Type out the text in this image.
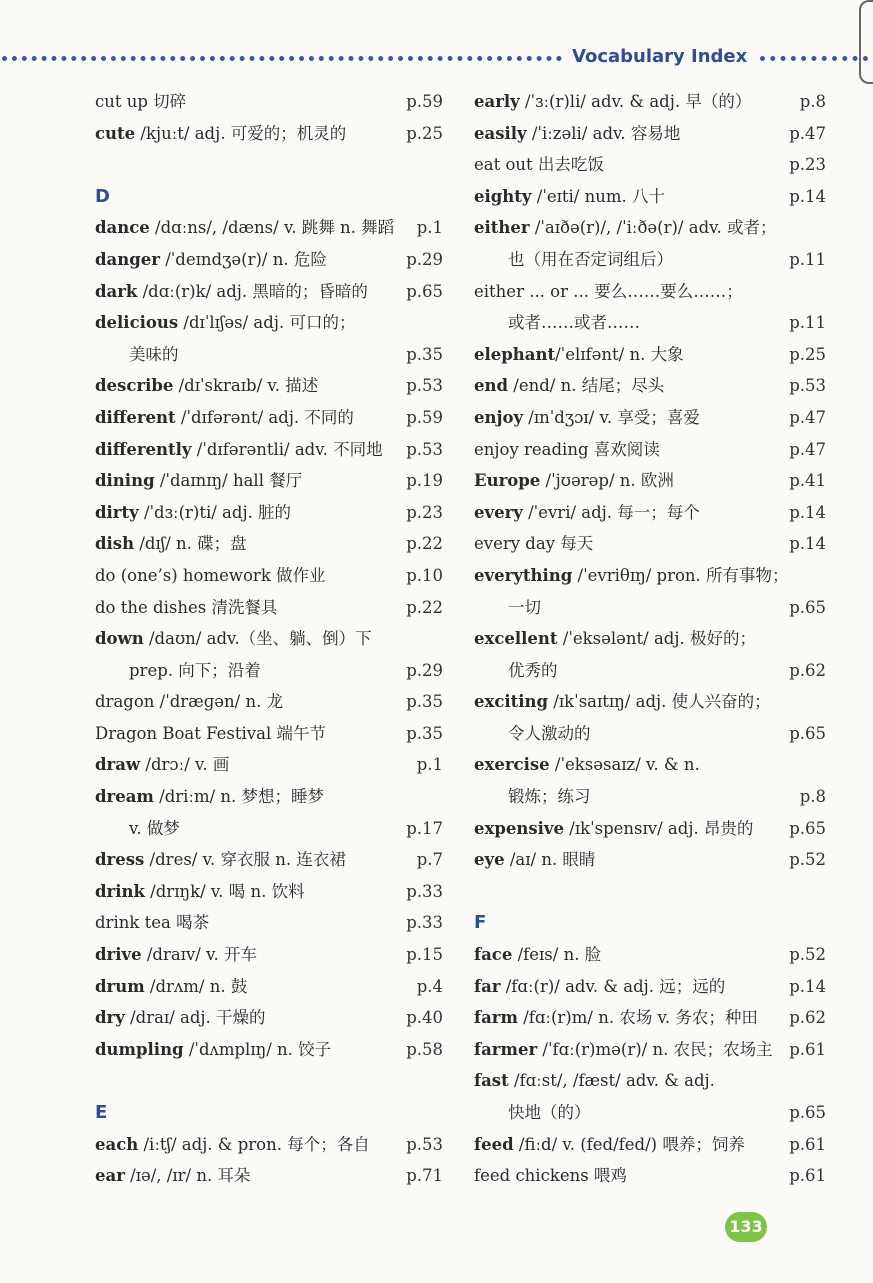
Vocabulary Index
cut up 切碎	p.59
cute /kjuːt/ adj. 可爱的；机灵的	p.25
D
dance /dɑːns/, /dæns/ v. 跳舞 n. 舞蹈 p.1
danger /ˈdeɪndʒə(r)/ n. 危险	p.29
dark /dɑː(r)k/ adj. 黑暗的；昏暗的 p.65
delicious /dɪˈlɪʃəs/ adj. 可口的；
美味的	p.35
describe /dɪˈskraɪb/ v. 描述	p.53
different /ˈdɪfərənt/ adj. 不同的	p.59
differently /ˈdɪfərəntli/ adv. 不同地 p.53
dining /ˈdaɪnɪŋ/ hall 餐厅	p.19
dirty /ˈdɜː(r)ti/ adj. 脏的	p.23
dish /dɪʃ/ n. 碟；盘	p.22
do (one’s) homework 做作业	p.10
do the dishes 清洗餐具	p.22
down /daʊn/ adv.（坐、躺、倒）下
prep. 向下；沿着	p.29
dragon /ˈdræɡən/ n. 龙	p.35
Dragon Boat Festival 端午节	p.35
draw /drɔː/ v. 画	p.1
dream /driːm/ n. 梦想；睡梦
v. 做梦	p.17
dress /dres/ v. 穿衣服 n. 连衣裙	p.7
drink /drɪŋk/ v. 喝 n. 饮料	p.33
drink tea 喝茶	p.33
drive /draɪv/ v. 开车	p.15
drum /drʌm/ n. 鼓	p.4
dry /draɪ/ adj. 干燥的	p.40
dumpling /ˈdʌmplɪŋ/ n. 饺子	p.58
E
each /iːtʃ/ adj. & pron. 每个；各自 p.53
ear /ɪə/, /ɪr/ n. 耳朵	p.71
early /ˈɜː(r)li/ adv. & adj. 早（的）	p.8
easily /ˈiːzəli/ adv. 容易地	p.47
eat out 出去吃饭	p.23
eighty /ˈeɪti/ num. 八十	p.14
either /ˈaɪðə(r)/, /ˈiːðə(r)/ adv. 或者；
也（用在否定词组后）	p.11
either ... or ... 要么……要么……；
或者……或者……	p.11
elephant/ˈelɪfənt/ n. 大象	p.25
end /end/ n. 结尾；尽头	p.53
enjoy /ɪnˈdʒɔɪ/ v. 享受；喜爱	p.47
enjoy reading 喜欢阅读	p.47
Europe /ˈjʊərəp/ n. 欧洲	p.41
every /ˈevri/ adj. 每一；每个	p.14
every day 每天	p.14
everything /ˈevriθɪŋ/ pron. 所有事物；
一切	p.65
excellent /ˈeksələnt/ adj. 极好的；
优秀的	p.62
exciting /ɪkˈsaɪtɪŋ/ adj. 使人兴奋的；
令人激动的	p.65
exercise /ˈeksəsaɪz/ v. & n.
锻炼；练习	p.8
expensive /ɪkˈspensɪv/ adj. 昂贵的 p.65
eye /aɪ/ n. 眼睛	p.52
F
face /feɪs/ n. 脸	p.52
far /fɑː(r)/ adv. & adj. 远；远的	p.14
farm /fɑː(r)m/ n. 农场 v. 务农；种田 p.62
farmer /ˈfɑː(r)mə(r)/ n. 农民；农场主 p.61
fast /fɑːst/, /fæst/ adv. & adj.
快地（的）	p.65
feed /fiːd/ v. (fed/fed/) 喂养；饲养	p.61
feed chickens 喂鸡	p.61
133
